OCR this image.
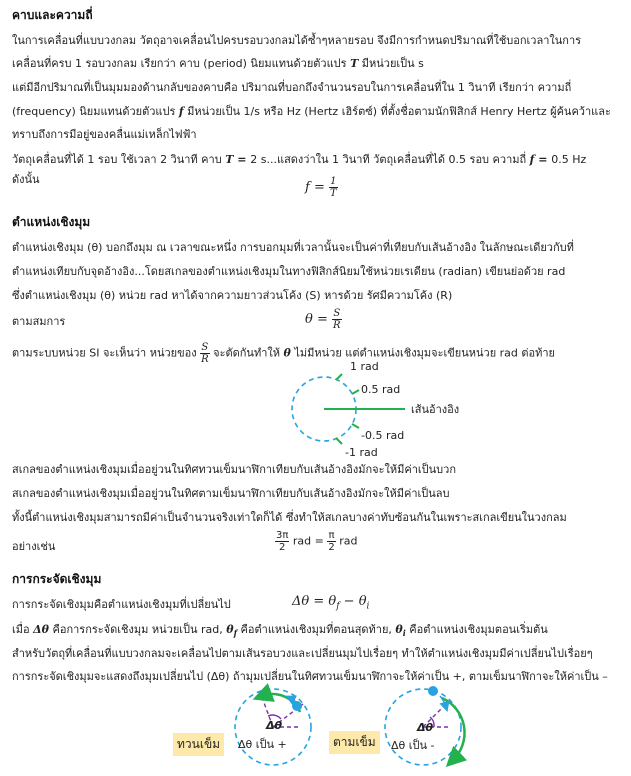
คาบและความถี่
ในการเคลื่อนที่แบบวงกลม วัตถุอาจเคลื่อนไปครบรอบวงกลมได้ซ้ำๆหลายรอบ จึงมีการกำหนดปริมาณที่ใช้บอกเวลาในการ
เคลื่อนที่ครบ 1 รอบวงกลม เรียกว่า คาบ (period) นิยมแทนด้วยตัวแปร T มีหน่วยเป็น s
แต่มีอีกปริมาณที่เป็นมุมมองด้านกลับของคาบคือ ปริมาณที่บอกถึงจำนวนรอบในการเคลื่อนที่ใน 1 วินาที เรียกว่า ความถี่
(frequency) นิยมแทนด้วยตัวแปร f มีหน่วยเป็น 1/s หรือ Hz (Hertz เฮิร์ตซ์) ที่ตั้งชื่อตามนักฟิสิกส์ Henry Hertz ผู้ค้นคว้าและ
ทราบถึงการมีอยู่ของคลื่นแม่เหล็กไฟฟ้า
วัตถุเคลื่อนที่ได้ 1 รอบ ใช้เวลา 2 วินาที คาบ T = 2 s...แสดงว่าใน 1 วินาที วัตถุเคลื่อนที่ได้ 0.5 รอบ ความถี่ f = 0.5 Hz
ดังนั้น
$f = \frac{1}{T}$
ตำแหน่งเชิงมุม
ตำแหน่งเชิงมุม (θ) บอกถึงมุม ณ เวลาขณะหนึ่ง การบอกมุมที่เวลานั้นจะเป็นค่าที่เทียบกับเส้นอ้างอิง ในลักษณะเดียวกับที่
ตำแหน่งเทียบกับจุดอ้างอิง...โดยสเกลของตำแหน่งเชิงมุมในทางฟิสิกส์นิยมใช้หน่วยเรเดียน (radian) เขียนย่อด้วย rad
ซึ่งตำแหน่งเชิงมุม (θ) หน่วย rad หาได้จากความยาวส่วนโค้ง (S) หารด้วย รัศมีความโค้ง (R)
ตามสมการ	$\theta = \frac{S}{R}$
ตามระบบหน่วย SI จะเห็นว่า หน่วยของ $\frac{S}{R}$ จะตัดกันทำให้ θ ไม่มีหน่วย แต่ตำแหน่งเชิงมุมจะเขียนหน่วย rad ต่อท้าย
1 rad
0.5 rad
เส้นอ้างอิง
-0.5 rad
-1 rad
สเกลของตำแหน่งเชิงมุมเมื่ออยู่วนในทิศทวนเข็มนาฬิกาเทียบกับเส้นอ้างอิงมักจะให้มีค่าเป็นบวก
สเกลของตำแหน่งเชิงมุมเมื่ออยู่วนในทิศตามเข็มนาฬิกาเทียบกับเส้นอ้างอิงมักจะให้มีค่าเป็นลบ
ทั้งนี้ตำแหน่งเชิงมุมสามารถมีค่าเป็นจำนวนจริงเท่าใดก็ได้ ซึ่งทำให้สเกลบางค่าทับซ้อนกันในเพราะสเกลเขียนในวงกลม
อย่างเช่น	$\frac{3\pi}{2}$ rad = $\frac{\pi}{2}$ rad
การกระจัดเชิงมุม
การกระจัดเชิงมุมคือตำแหน่งเชิงมุมที่เปลี่ยนไป	$\Delta\theta = \theta_f - \theta_i$
เมื่อ Δθ คือการกระจัดเชิงมุม หน่วยเป็น rad, $\theta_f$ คือตำแหน่งเชิงมุมที่ตอนสุดท้าย, $\theta_i$ คือตำแหน่งเชิงมุมตอนเริ่มต้น
สำหรับวัตถุที่เคลื่อนที่แบบวงกลมจะเคลื่อนไปตามเส้นรอบวงและเปลี่ยนมุมไปเรื่อยๆ ทำให้ตำแหน่งเชิงมุมมีค่าเปลี่ยนไปเรื่อยๆ
การกระจัดเชิงมุมจะแสดงถึงมุมเปลี่ยนไป (Δθ) ถ้ามุมเปลี่ยนในทิศทวนเข็มนาฬิกาจะให้ค่าเป็น +, ตามเข็มนาฬิกาจะให้ค่าเป็น –
ทวนเข็ม	ตามเข็ม
Δθ
Δθ เป็น +
Δθ
Δθ เป็น -
